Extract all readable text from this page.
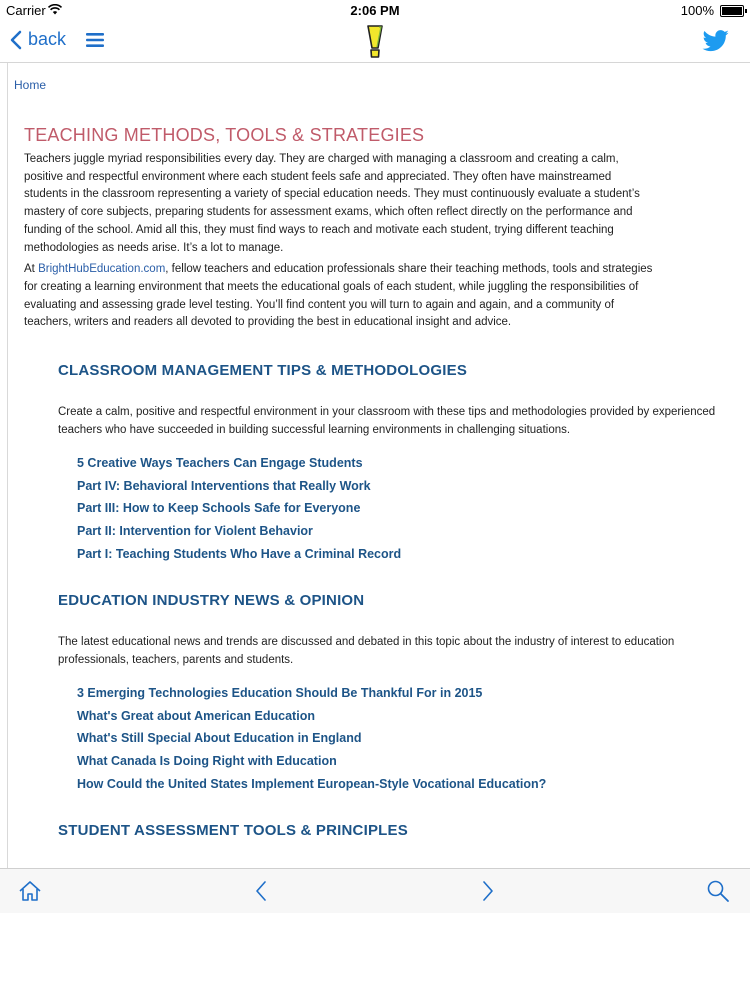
Carrier	2:06 PM	100%
back
Home
TEACHING METHODS, TOOLS & STRATEGIES

Teachers juggle myriad responsibilities every day. They are charged with managing a classroom and creating a calm, positive and respectful environment where each student feels safe and appreciated. They often have mainstreamed students in the classroom representing a variety of special education needs. They must continuously evaluate a student’s mastery of core subjects, preparing students for assessment exams, which often reflect directly on the performance and funding of the school. Amid all this, they must find ways to reach and motivate each student, trying different teaching methodologies as needs arise. It’s a lot to manage.

At BrightHubEducation.com, fellow teachers and education professionals share their teaching methods, tools and strategies for creating a learning environment that meets the educational goals of each student, while juggling the responsibilities of evaluating and assessing grade level testing. You’ll find content you will turn to again and again, and a community of teachers, writers and readers all devoted to providing the best in educational insight and advice.

CLASSROOM MANAGEMENT TIPS & METHODOLOGIES

Create a calm, positive and respectful environment in your classroom with these tips and methodologies provided by experienced teachers who have succeeded in building successful learning environments in challenging situations.

5 Creative Ways Teachers Can Engage Students
Part IV: Behavioral Interventions that Really Work
Part III: How to Keep Schools Safe for Everyone
Part II: Intervention for Violent Behavior
Part I: Teaching Students Who Have a Criminal Record
EDUCATION INDUSTRY NEWS & OPINION

The latest educational news and trends are discussed and debated in this topic about the industry of interest to education professionals, teachers, parents and students.

3 Emerging Technologies Education Should Be Thankful For in 2015
What's Great about American Education
What's Still Special About Education in England
What Canada Is Doing Right with Education
How Could the United States Implement European-Style Vocational Education?
STUDENT ASSESSMENT TOOLS & PRINCIPLES
